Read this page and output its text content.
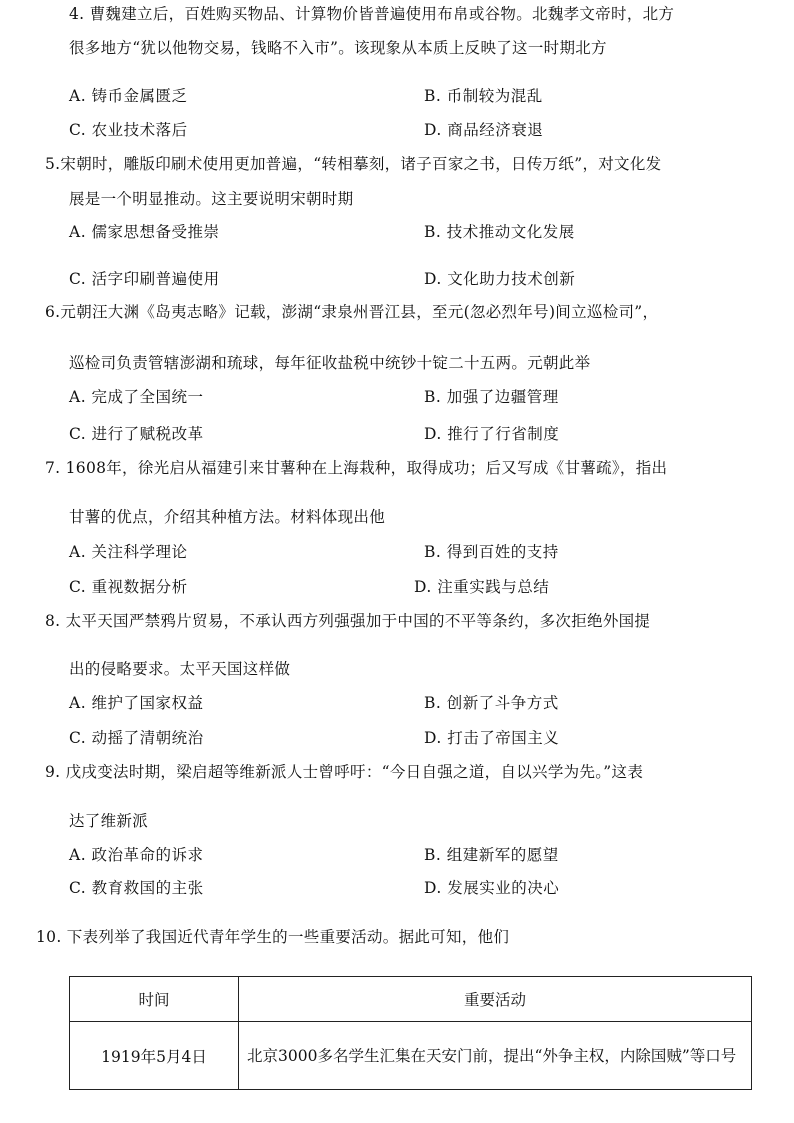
4. 曹魏建立后，百姓购买物品、计算物价皆普遍使用布帛或谷物。北魏孝文帝时，北方
很多地方“犹以他物交易，钱略不入市”。该现象从本质上反映了这一时期北方
A. 铸币金属匮乏	B. 币制较为混乱
C. 农业技术落后	D. 商品经济衰退
5.宋朝时，雕版印刷术使用更加普遍，“转相摹刻，诸子百家之书，日传万纸”，对文化发
展是一个明显推动。这主要说明宋朝时期
A. 儒家思想备受推崇	B. 技术推动文化发展
C. 活字印刷普遍使用	D. 文化助力技术创新
6.元朝汪大渊《岛夷志略》记载，澎湖“隶泉州晋江县，至元(忽必烈年号)间立巡检司”，
巡检司负责管辖澎湖和琉球，每年征收盐税中统钞十锭二十五两。元朝此举
A. 完成了全国统一	B. 加强了边疆管理
C. 进行了赋税改革	D. 推行了行省制度
7. 1608年，徐光启从福建引来甘薯种在上海栽种，取得成功；后又写成《甘薯疏》，指出
甘薯的优点，介绍其种植方法。材料体现出他
A. 关注科学理论	B. 得到百姓的支持
C. 重视数据分析	D. 注重实践与总结
8. 太平天国严禁鸦片贸易，不承认西方列强强加于中国的不平等条约，多次拒绝外国提
出的侵略要求。太平天国这样做
A. 维护了国家权益	B. 创新了斗争方式
C. 动摇了清朝统治	D. 打击了帝国主义
9. 戊戌变法时期，梁启超等维新派人士曾呼吁：“今日自强之道，自以兴学为先。”这表
达了维新派
A. 政治革命的诉求	B. 组建新军的愿望
C. 教育救国的主张	D. 发展实业的决心
10. 下表列举了我国近代青年学生的一些重要活动。据此可知，他们
时间	重要活动
1919年5月4日	北京3000多名学生汇集在天安门前，提出“外争主权，内除国贼”等口号
